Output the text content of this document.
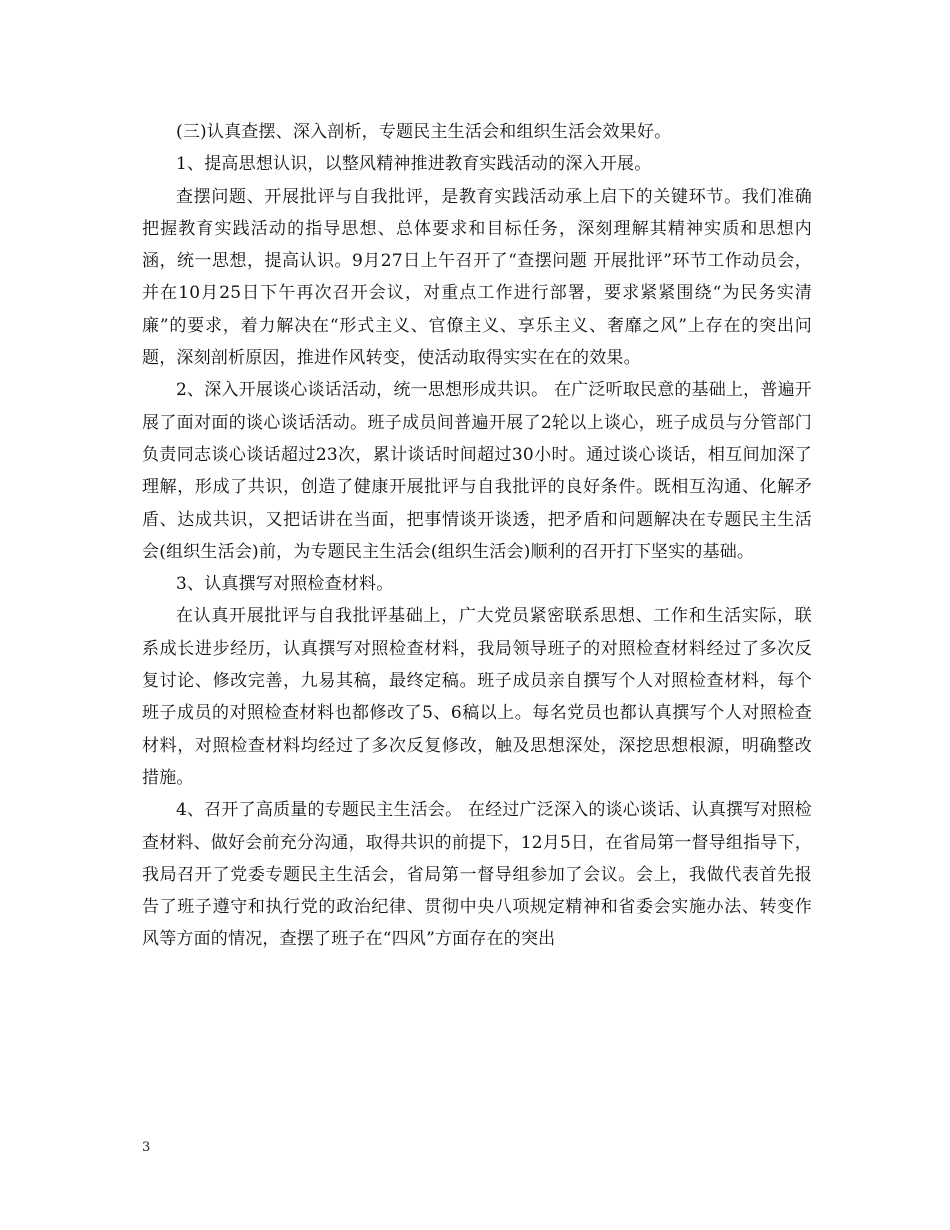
(三)认真查摆、深入剖析，专题民主生活会和组织生活会效果好。

1、提高思想认识，以整风精神推进教育实践活动的深入开展。

查摆问题、开展批评与自我批评，是教育实践活动承上启下的关键环节。我们准确把握教育实践活动的指导思想、总体要求和目标任务，深刻理解其精神实质和思想内涵，统一思想，提高认识。9月27日上午召开了“查摆问题 开展批评”环节工作动员会，并在10月25日下午再次召开会议，对重点工作进行部署，要求紧紧围绕“为民务实清廉”的要求，着力解决在“形式主义、官僚主义、享乐主义、奢靡之风”上存在的突出问题，深刻剖析原因，推进作风转变，使活动取得实实在在的效果。

2、深入开展谈心谈话活动，统一思想形成共识。 在广泛听取民意的基础上，普遍开展了面对面的谈心谈话活动。班子成员间普遍开展了2轮以上谈心，班子成员与分管部门负责同志谈心谈话超过23次，累计谈话时间超过30小时。通过谈心谈话，相互间加深了理解，形成了共识，创造了健康开展批评与自我批评的良好条件。既相互沟通、化解矛盾、达成共识，又把话讲在当面，把事情谈开谈透，把矛盾和问题解决在专题民主生活会(组织生活会)前，为专题民主生活会(组织生活会)顺利的召开打下坚实的基础。

3、认真撰写对照检查材料。

在认真开展批评与自我批评基础上，广大党员紧密联系思想、工作和生活实际，联系成长进步经历，认真撰写对照检查材料，我局领导班子的对照检查材料经过了多次反复讨论、修改完善，九易其稿，最终定稿。班子成员亲自撰写个人对照检查材料，每个班子成员的对照检查材料也都修改了5、6稿以上。每名党员也都认真撰写个人对照检查材料，对照检查材料均经过了多次反复修改，触及思想深处，深挖思想根源，明确整改措施。

4、召开了高质量的专题民主生活会。 在经过广泛深入的谈心谈话、认真撰写对照检查材料、做好会前充分沟通，取得共识的前提下，12月5日，在省局第一督导组指导下，我局召开了党委专题民主生活会，省局第一督导组参加了会议。会上，我做代表首先报告了班子遵守和执行党的政治纪律、贯彻中央八项规定精神和省委会实施办法、转变作风等方面的情况，查摆了班子在“四风”方面存在的突出

3
